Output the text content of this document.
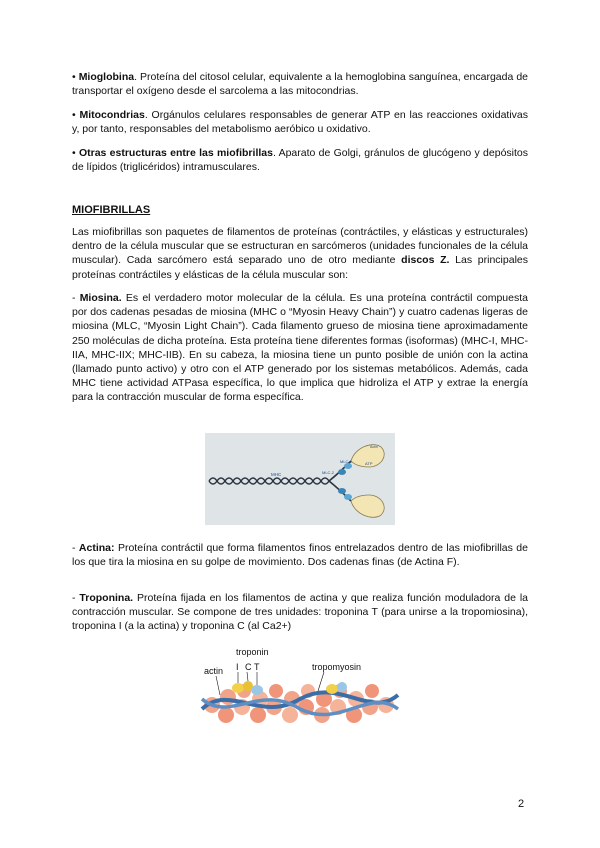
• Mioglobina. Proteína del citosol celular, equivalente a la hemoglobina sanguínea, encargada de transportar el oxígeno desde el sarcolema a las mitocondrias.
• Mitocondrias. Orgánulos celulares responsables de generar ATP en las reacciones oxidativas y, por tanto, responsables del metabolismo aeróbico u oxidativo.
• Otras estructuras entre las miofibrillas. Aparato de Golgi, gránulos de glucógeno y depósitos de lípidos (triglicéridos) intramusculares.
MIOFIBRILLAS
Las miofibrillas son paquetes de filamentos de proteínas (contráctiles, y elásticas y estructurales) dentro de la célula muscular que se estructuran en sarcómeros (unidades funcionales de la célula muscular). Cada sarcómero está separado uno de otro mediante discos Z. Las principales proteínas contráctiles y elásticas de la célula muscular son:
- Miosina. Es el verdadero motor molecular de la célula. Es una proteína contráctil compuesta por dos cadenas pesadas de miosina (MHC o “Myosin Heavy Chain”) y cuatro cadenas ligeras de miosina (MLC, “Myosin Light Chain”). Cada filamento grueso de miosina tiene aproximadamente 250 moléculas de dicha proteína. Esta proteína tiene diferentes formas (isoformas) (MHC-I, MHC-IIA, MHC-IIX; MHC-IIB). En su cabeza, la miosina tiene un punto posible de unión con la actina (llamado punto activo) y otro con el ATP generado por los sistemas metabólicos. Además, cada MHC tiene actividad ATPasa específica, lo que implica que hidroliza el ATP y extrae la energía para la contracción muscular de forma específica.
MHC	MLC-2
MLC-1	ATP
Actin
- Actina: Proteína contráctil que forma filamentos finos entrelazados dentro de las miofibrillas de los que tira la miosina en su golpe de movimiento. Dos cadenas finas (de Actina F).
- Troponina. Proteína fijada en los filamentos de actina y que realiza función moduladora de la contracción muscular. Se compone de tres unidades: troponina T (para unirse a la tropomiosina), troponina I (a la actina) y troponina C (al Ca2+)
troponin
I C T
actin	tropomyosin
2
